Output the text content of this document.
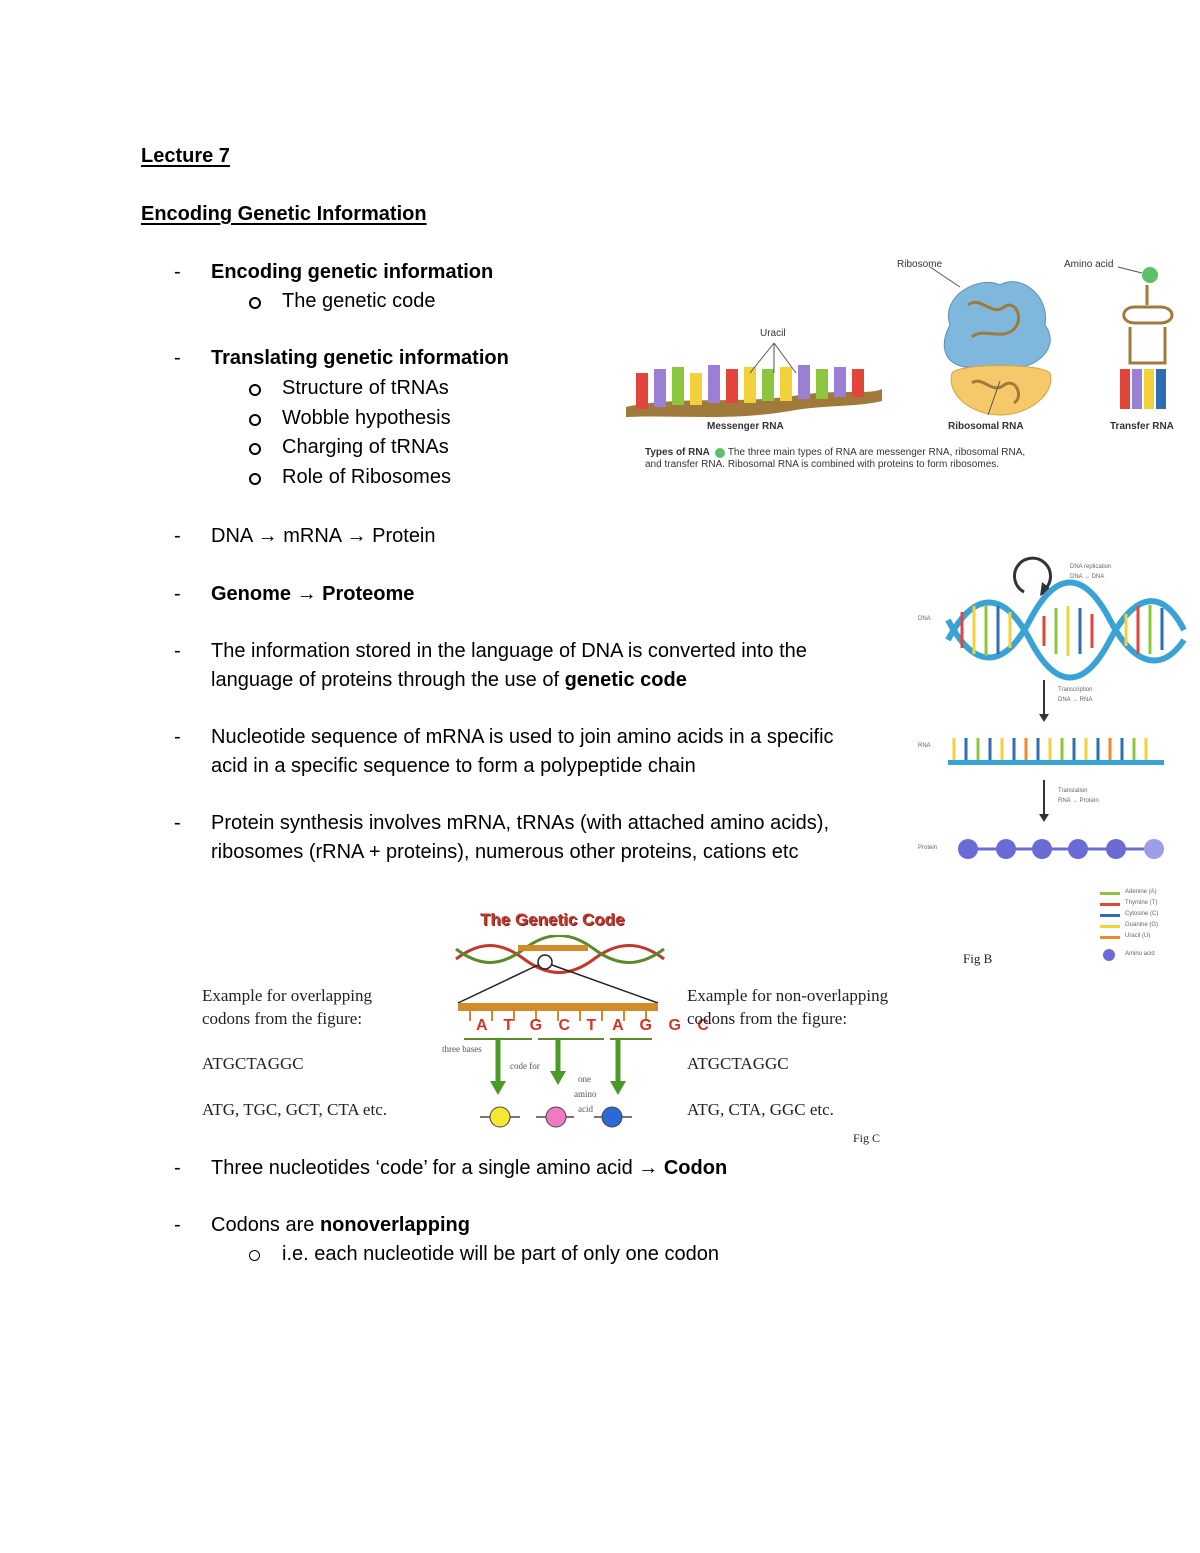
Lecture 7
Encoding Genetic Information
- Encoding genetic information
The genetic code
- Translating genetic information
Structure of tRNAs
Wobble hypothesis
Charging of tRNAs
Role of Ribosomes
- DNA → mRNA → Protein
- Genome → Proteome
- The information stored in the language of DNA is converted into the
language of proteins through the use of genetic code
- Nucleotide sequence of mRNA is used to join amino acids in a specific
acid in a specific sequence to form a polypeptide chain
- Protein synthesis involves mRNA, tRNAs (with attached amino acids),
ribosomes (rRNA + proteins), numerous other proteins, cations etc
- Three nucleotides ‘code’ for a single amino acid → Codon
- Codons are nonoverlapping
i.e. each nucleotide will be part of only one codon
Ribosome	Amino acid
Uracil
Messenger RNA	Ribosomal RNA	Transfer RNA
Types of RNA The three main types of RNA are messenger RNA, ribosomal RNA,
and transfer RNA. Ribosomal RNA is combined with proteins to form ribosomes.
DNA replication
DNA → DNA
DNA
Transcription
DNA → RNA
RNA
Translation
RNA → Protein
Protein
Adenine (A)
Thymine (T)
Cytosine (C)
Guanine (G)
Uracil (U)
Amino acid
Fig B
The Genetic Code
A T G C T A G G C
three bases
code for
one
amino
acid
Example for overlapping
codons from the figure:
ATGCTAGGC
ATG, TGC, GCT, CTA etc.
Example for non-overlapping
codons from the figure:
ATGCTAGGC
ATG, CTA, GGC etc.
Fig C
